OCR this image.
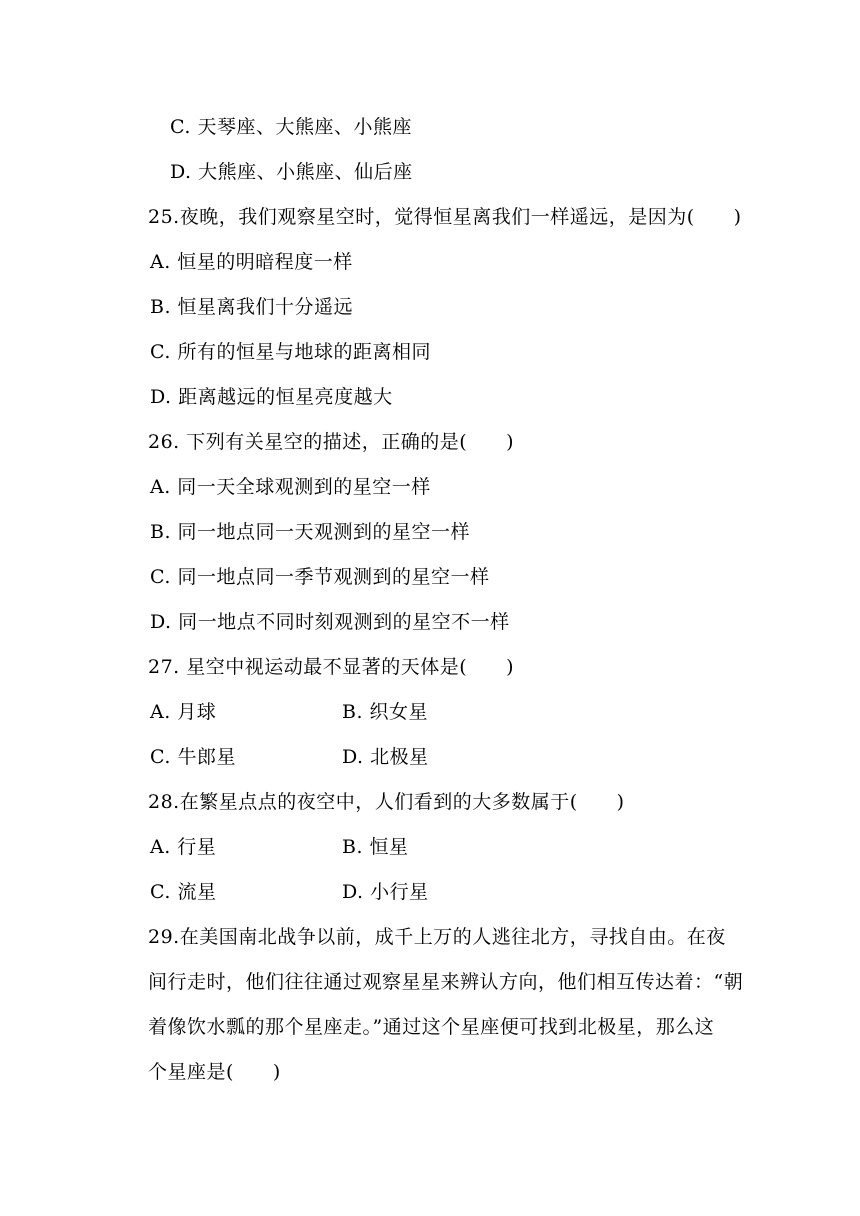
C. 天琴座、大熊座、小熊座
D. 大熊座、小熊座、仙后座
25.夜晚，我们观察星空时，觉得恒星离我们一样遥远，是因为(　　)
A. 恒星的明暗程度一样
B. 恒星离我们十分遥远
C. 所有的恒星与地球的距离相同
D. 距离越远的恒星亮度越大
26. 下列有关星空的描述，正确的是(　　)
A. 同一天全球观测到的星空一样
B. 同一地点同一天观测到的星空一样
C. 同一地点同一季节观测到的星空一样
D. 同一地点不同时刻观测到的星空不一样
27. 星空中视运动最不显著的天体是(　　)
A. 月球	B. 织女星
C. 牛郎星	D. 北极星
28.在繁星点点的夜空中，人们看到的大多数属于(　　)
A. 行星	B. 恒星
C. 流星	D. 小行星
29.在美国南北战争以前，成千上万的人逃往北方，寻找自由。在夜
间行走时，他们往往通过观察星星来辨认方向，他们相互传达着：“朝
着像饮水瓢的那个星座走。”通过这个星座便可找到北极星，那么这
个星座是(　　)
